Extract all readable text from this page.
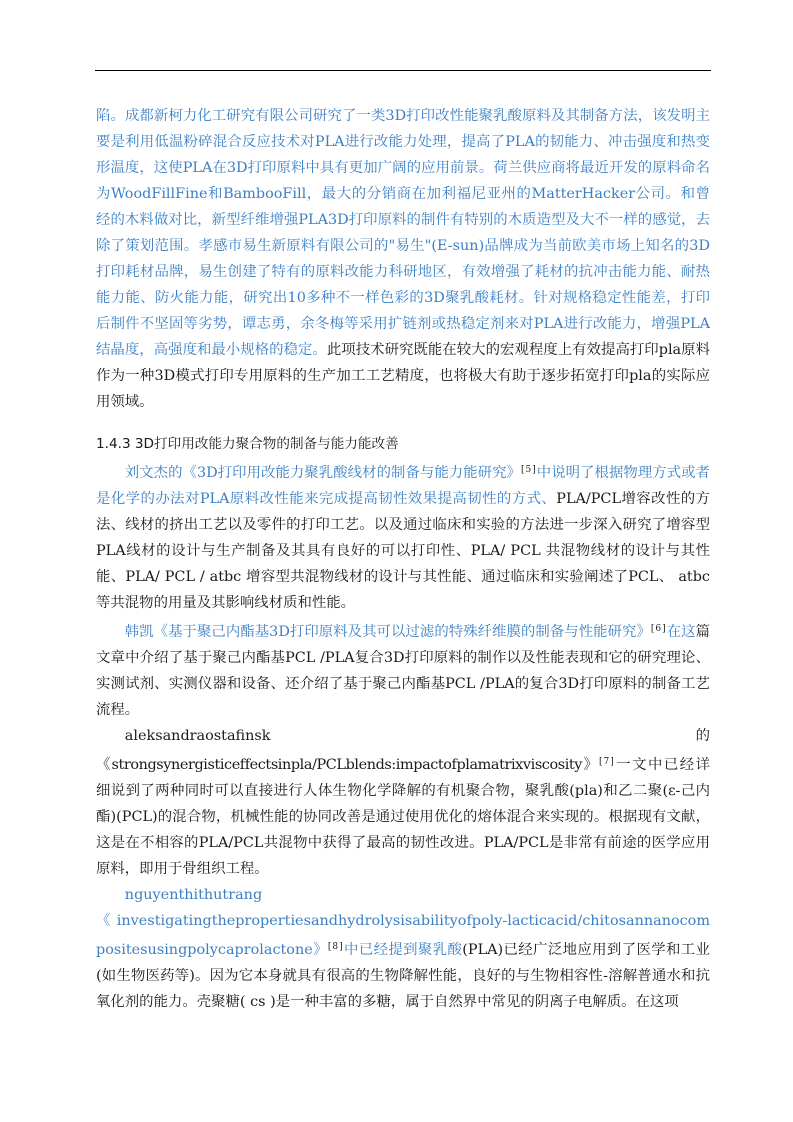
陷。成都新柯力化工研究有限公司研究了一类3D打印改性能聚乳酸原料及其制备方法，该发明主要是利用低温粉碎混合反应技术对PLA进行改能力处理，提高了PLA的韧能力、冲击强度和热变形温度，这使PLA在3D打印原料中具有更加广阔的应用前景。荷兰供应商将最近开发的原料命名为WoodFillFine和BambooFill，最大的分销商在加利福尼亚州的MatterHacker公司。和曾经的木料做对比，新型纤维增强PLA3D打印原料的制件有特别的木质造型及大不一样的感觉，去除了策划范围。孝感市易生新原料有限公司的"易生"(E-sun)品牌成为当前欧美市场上知名的3D打印耗材品牌，易生创建了特有的原料改能力科研地区，有效增强了耗材的抗冲击能力能、耐热能力能、防火能力能，研究出10多种不一样色彩的3D聚乳酸耗材。针对规格稳定性能差，打印后制件不坚固等劣势，谭志勇，余冬梅等采用扩链剂或热稳定剂来对PLA进行改能力，增强PLA结晶度，高强度和最小规格的稳定。此项技术研究既能在较大的宏观程度上有效提高打印pla原料作为一种3D模式打印专用原料的生产加工工艺精度，也将极大有助于逐步拓宽打印pla的实际应用领域。

1.4.3 3D打印用改能力聚合物的制备与能力能改善

刘文杰的《3D打印用改能力聚乳酸线材的制备与能力能研究》[5]中说明了根据物理方式或者是化学的办法对PLA原料改性能来完成提高韧性效果提高韧性的方式、PLA/PCL增容改性的方法、线材的挤出工艺以及零件的打印工艺。以及通过临床和实验的方法进一步深入研究了增容型PLA线材的设计与生产制备及其具有良好的可以打印性、PLA/ PCL 共混物线材的设计与其性能、PLA/ PCL / atbc 增容型共混物线材的设计与其性能、通过临床和实验阐述了PCL、 atbc 等共混物的用量及其影响线材质和性能。

韩凯《基于聚己内酯基3D打印原料及其可以过滤的特殊纤维膜的制备与性能研究》[6]在这篇文章中介绍了基于聚己内酯基PCL /PLA复合3D打印原料的制作以及性能表现和它的研究理论、实测试剂、实测仪器和设备、还介绍了基于聚己内酯基PCL /PLA的复合3D打印原料的制备工艺流程。

aleksandraostafinsk	的

《strongsynergisticeffectsinpla/PCLblends:impactofplamatrixviscosity》[7]一文中已经详细说到了两种同时可以直接进行人体生物化学降解的有机聚合物，聚乳酸(pla)和乙二聚(ε-己内酯)(PCL)的混合物，机械性能的协同改善是通过使用优化的熔体混合来实现的。根据现有文献，这是在不相容的PLA/PCL共混物中获得了最高的韧性改进。PLA/PCL是非常有前途的医学应用原料，即用于骨组织工程。

nguyenthithutrang

《 investigatingthepropertiesandhydrolysisabilityofpoly-lacticacid/chitosannanocompositesusingpolycaprolactone》[8]中已经提到聚乳酸(PLA)已经广泛地应用到了医学和工业(如生物医药等)。因为它本身就具有很高的生物降解性能，良好的与生物相容性-溶解普通水和抗氧化剂的能力。壳聚糖( cs )是一种丰富的多糖，属于自然界中常见的阴离子电解质。在这项
